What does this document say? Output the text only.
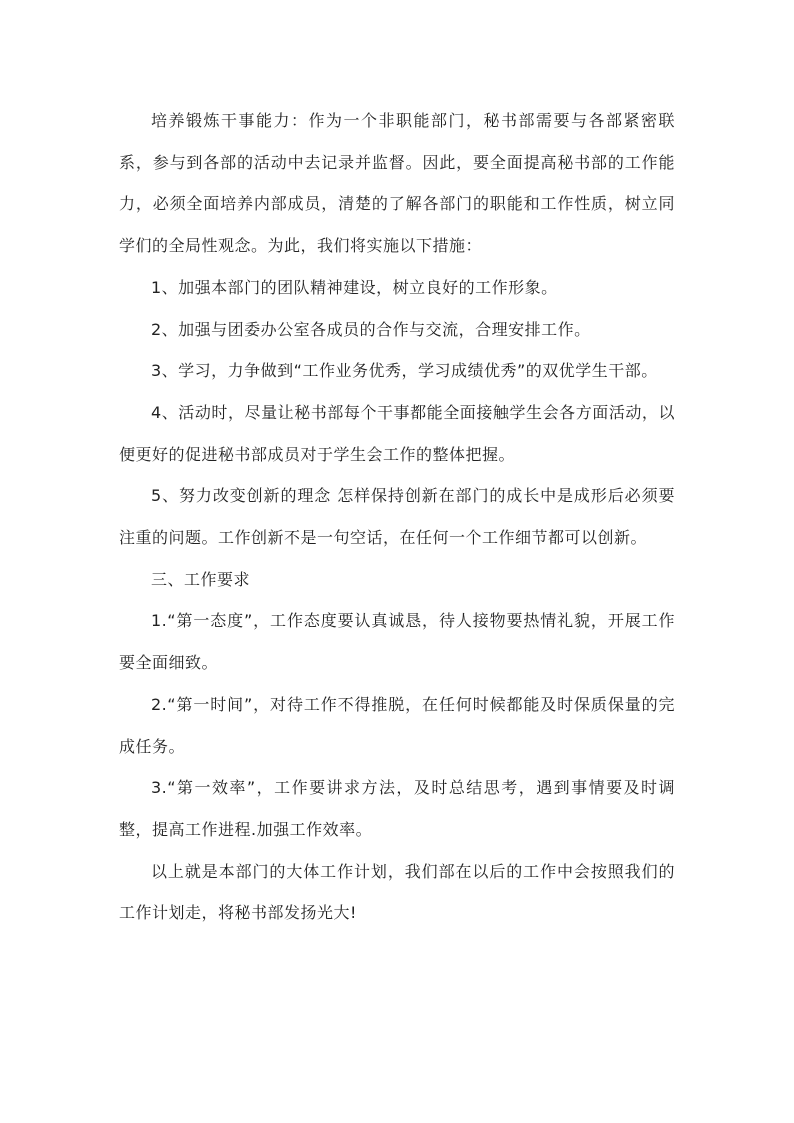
培养锻炼干事能力：作为一个非职能部门，秘书部需要与各部紧密联系，参与到各部的活动中去记录并监督。因此，要全面提高秘书部的工作能力，必须全面培养内部成员，清楚的了解各部门的职能和工作性质，树立同学们的全局性观念。为此，我们将实施以下措施：

1、加强本部门的团队精神建设，树立良好的工作形象。

2、加强与团委办公室各成员的合作与交流，合理安排工作。

3、学习，力争做到“工作业务优秀，学习成绩优秀”的双优学生干部。

4、活动时，尽量让秘书部每个干事都能全面接触学生会各方面活动，以便更好的促进秘书部成员对于学生会工作的整体把握。

5、努力改变创新的理念 怎样保持创新在部门的成长中是成形后必须要注重的问题。工作创新不是一句空话，在任何一个工作细节都可以创新。

三、工作要求

1.“第一态度”，工作态度要认真诚恳，待人接物要热情礼貌，开展工作要全面细致。

2.“第一时间”，对待工作不得推脱，在任何时候都能及时保质保量的完成任务。

3.“第一效率”，工作要讲求方法，及时总结思考，遇到事情要及时调整，提高工作进程.加强工作效率。

以上就是本部门的大体工作计划，我们部在以后的工作中会按照我们的工作计划走，将秘书部发扬光大!
